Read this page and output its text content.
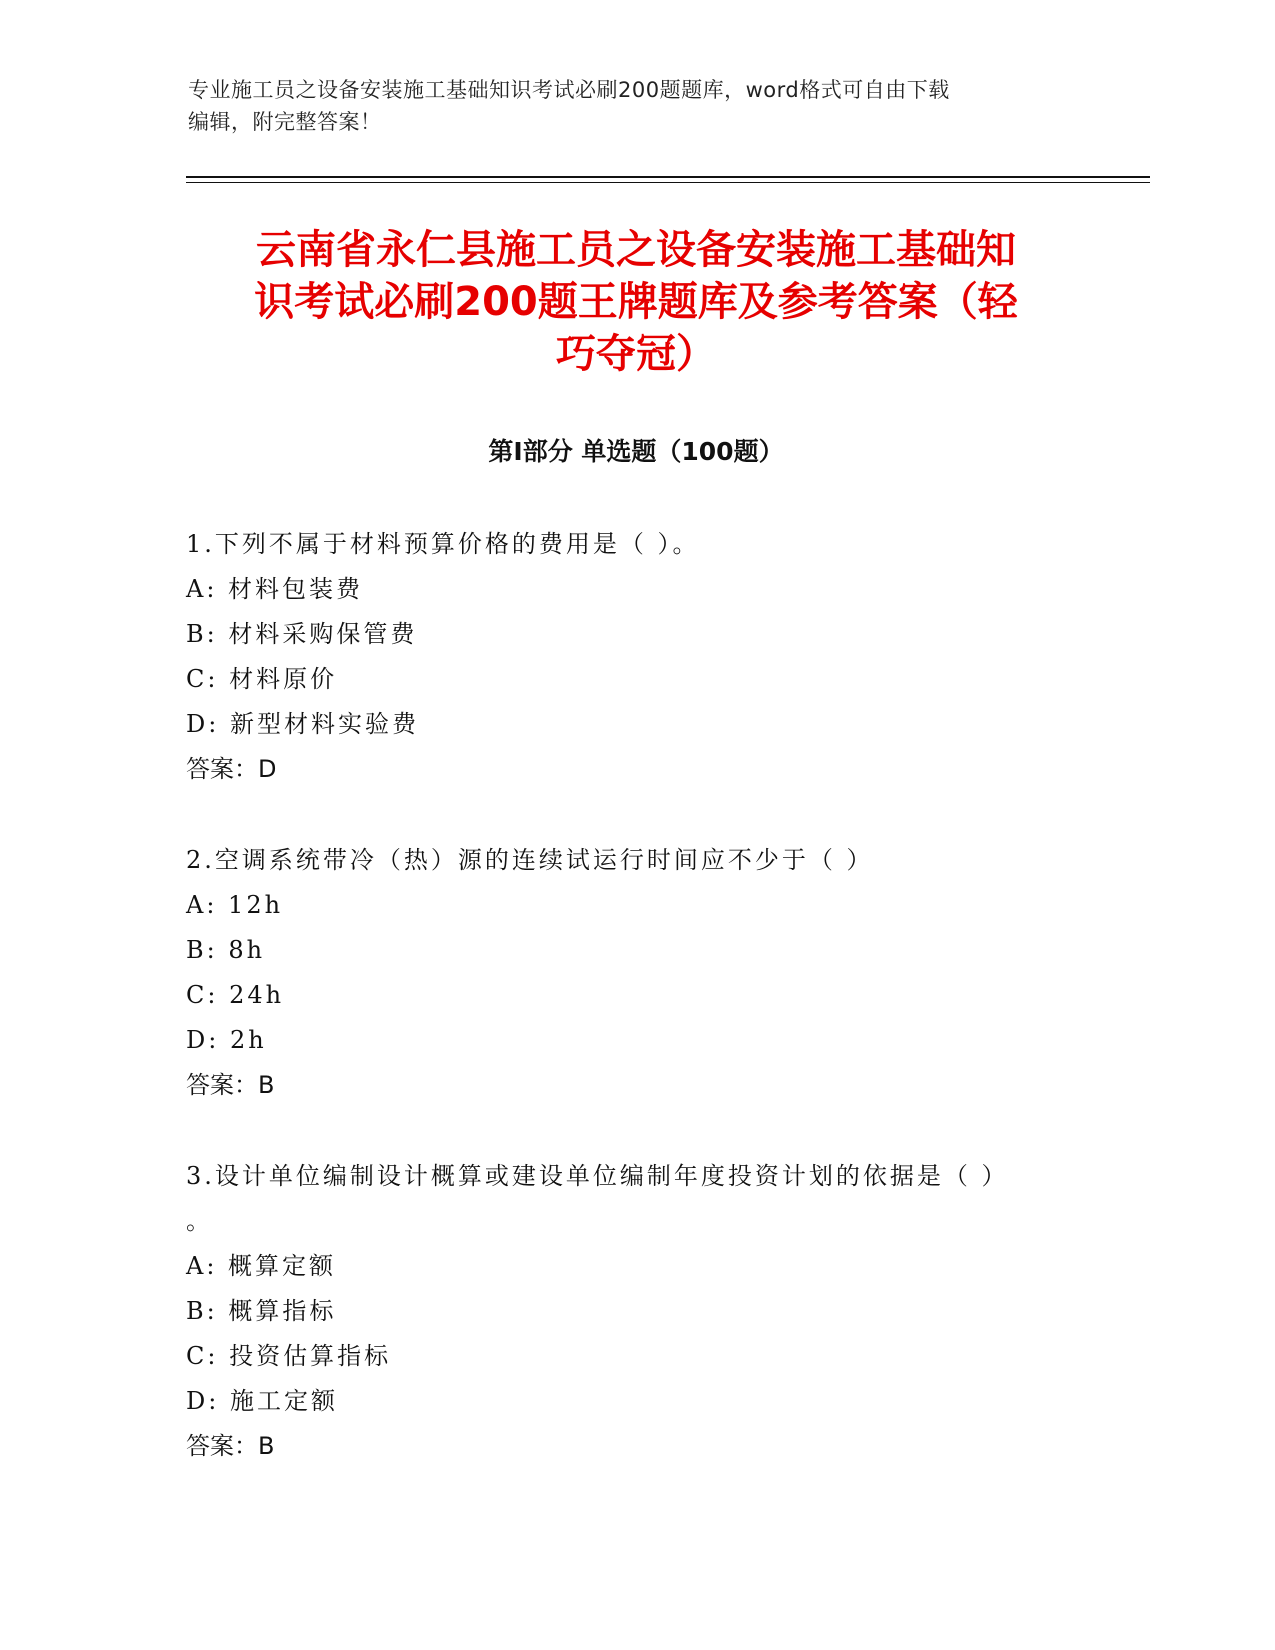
专业施工员之设备安装施工基础知识考试必刷200题题库，word格式可自由下载
编辑，附完整答案！
云南省永仁县施工员之设备安装施工基础知
识考试必刷200题王牌题库及参考答案（轻
巧夺冠）
第Ⅰ部分 单选题（100题）
1.下列不属于材料预算价格的费用是（ ）。
A: 材料包装费
B: 材料采购保管费
C: 材料原价
D: 新型材料实验费
答案：D
2.空调系统带冷（热）源的连续试运行时间应不少于（ ）
A: 12h
B: 8h
C: 24h
D: 2h
答案：B
3.设计单位编制设计概算或建设单位编制年度投资计划的依据是（ ）
。
A: 概算定额
B: 概算指标
C: 投资估算指标
D: 施工定额
答案：B
